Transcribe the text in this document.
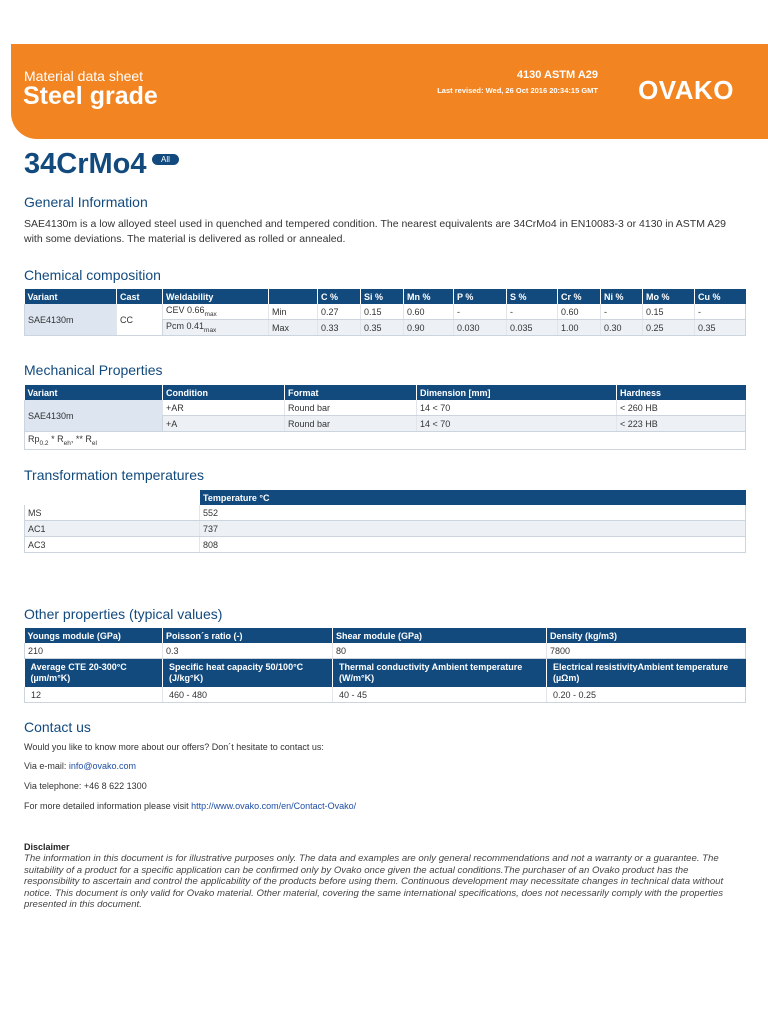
Material data sheet
Steel grade
4130 ASTM A29
Last revised: Wed, 26 Oct 2016 20:34:15 GMT OVAKO
34CrMo4	All
General Information
SAE4130m is a low alloyed steel used in quenched and tempered condition. The nearest equivalents are 34CrMo4 in EN10083-3 or 4130 in ASTM A29 with some deviations. The material is delivered as rolled or annealed.
Chemical composition
Variant	Cast	Weldability		C %	Si %	Mn %	P %	S %	Cr %	Ni %	Mo %	Cu %
SAE4130m	CC	CEV $0.66_{max}$	Min	0.27	0.15	0.60	-	-	0.60	-	0.15	-
		Pcm $0.41_{max}$	Max	0.33	0.35	0.90	0.030	0.035	1.00	0.30	0.25	0.35
Mechanical Properties
Variant	Condition	Format	Dimension [mm]	Hardness
SAE4130m	+AR	Round bar	14 < 70	< 260 HB
	+A	Round bar	14 < 70	< 223 HB
$Rp_{0.2} * R_{eh}$, ** $R_{el}$
Transformation temperatures
	Temperature °C
MS	552
AC1	737
AC3	808
Other properties (typical values)
Youngs module (GPa)	Poisson´s ratio (-)	Shear module (GPa)	Density (kg/m3)
210	0.3	80	7800
Average CTE 20-300°C (µm/m°K)	Specific heat capacity 50/100°C (J/kg°K)	Thermal conductivity Ambient temperature (W/m°K)	Electrical resistivityAmbient temperature (µΩm)
12	460 - 480	40 - 45	0.20 - 0.25
Contact us
Would you like to know more about our offers? Don´t hesitate to contact us:
Via e-mail: info@ovako.com
Via telephone: +46 8 622 1300
For more detailed information please visit http://www.ovako.com/en/Contact-Ovako/
Disclaimer
The information in this document is for illustrative purposes only. The data and examples are only general recommendations and not a warranty or a guarantee. The suitability of a product for a specific application can be confirmed only by Ovako once given the actual conditions.The purchaser of an Ovako product has the responsibility to ascertain and control the applicability of the products before using them. Continuous development may necessitate changes in technical data without notice. This document is only valid for Ovako material. Other material, covering the same international specifications, does not necessarily comply with the properties presented in this document.
